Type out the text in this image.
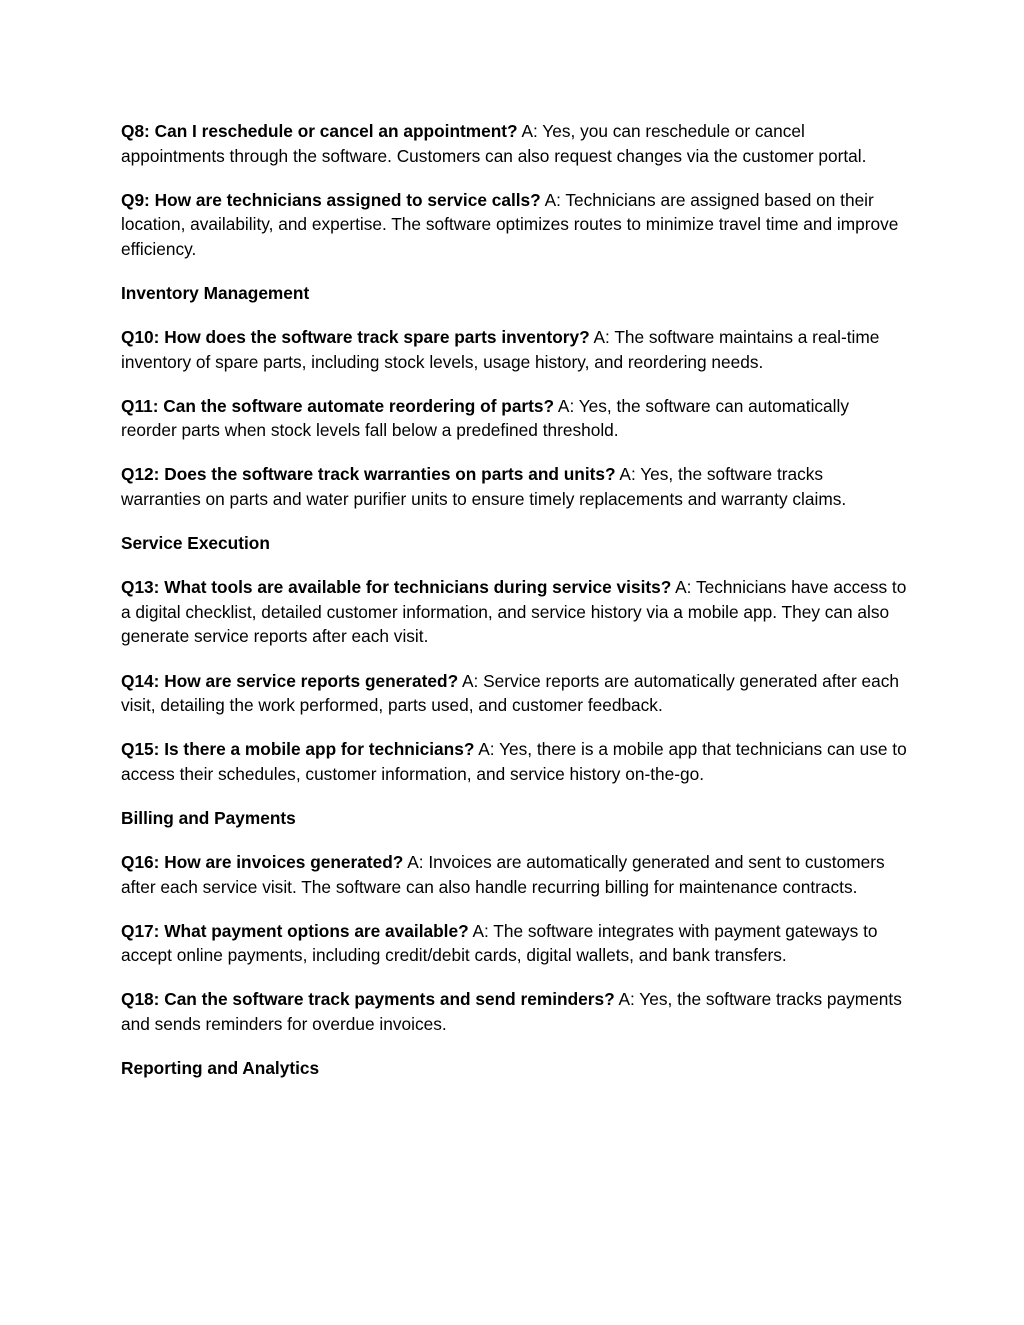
Q8: Can I reschedule or cancel an appointment? A: Yes, you can reschedule or cancel appointments through the software. Customers can also request changes via the customer portal.

Q9: How are technicians assigned to service calls? A: Technicians are assigned based on their location, availability, and expertise. The software optimizes routes to minimize travel time and improve efficiency.

Inventory Management

Q10: How does the software track spare parts inventory? A: The software maintains a real-time inventory of spare parts, including stock levels, usage history, and reordering needs.

Q11: Can the software automate reordering of parts? A: Yes, the software can automatically reorder parts when stock levels fall below a predefined threshold.

Q12: Does the software track warranties on parts and units? A: Yes, the software tracks warranties on parts and water purifier units to ensure timely replacements and warranty claims.

Service Execution

Q13: What tools are available for technicians during service visits? A: Technicians have access to a digital checklist, detailed customer information, and service history via a mobile app. They can also generate service reports after each visit.

Q14: How are service reports generated? A: Service reports are automatically generated after each visit, detailing the work performed, parts used, and customer feedback.

Q15: Is there a mobile app for technicians? A: Yes, there is a mobile app that technicians can use to access their schedules, customer information, and service history on-the-go.

Billing and Payments

Q16: How are invoices generated? A: Invoices are automatically generated and sent to customers after each service visit. The software can also handle recurring billing for maintenance contracts.

Q17: What payment options are available? A: The software integrates with payment gateways to accept online payments, including credit/debit cards, digital wallets, and bank transfers.

Q18: Can the software track payments and send reminders? A: Yes, the software tracks payments and sends reminders for overdue invoices.

Reporting and Analytics
